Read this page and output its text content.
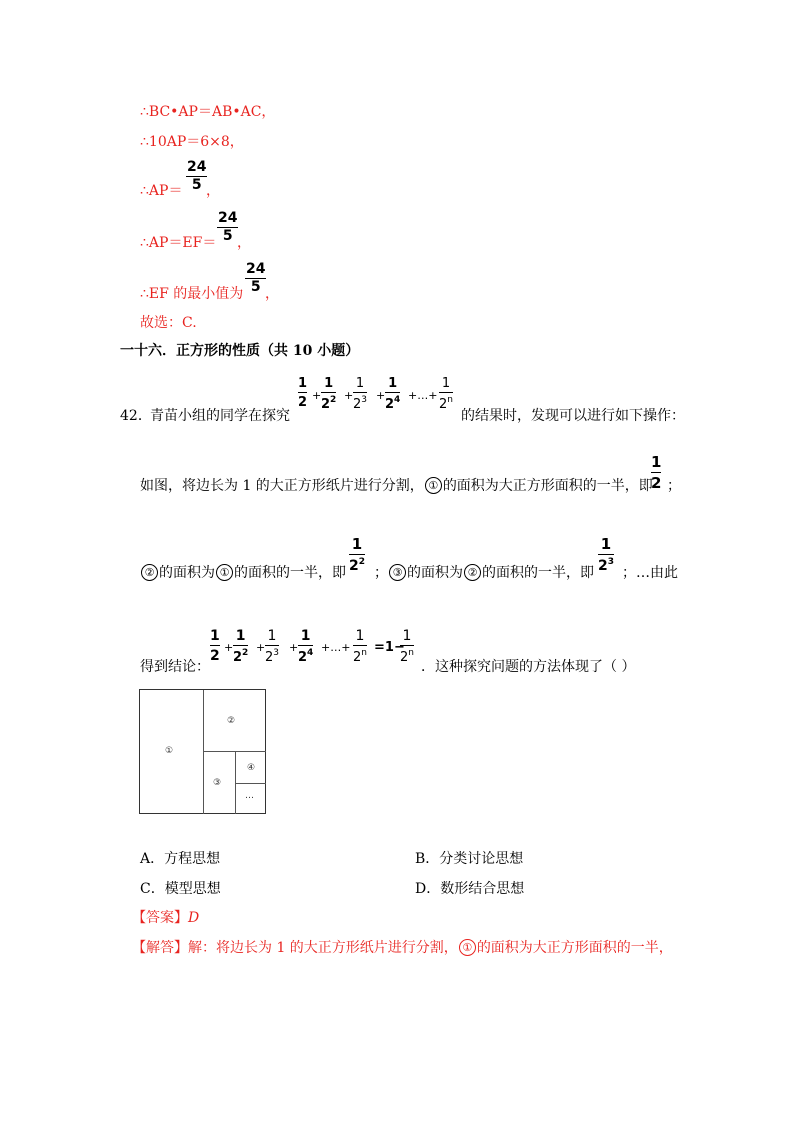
∴BC•AP＝AB•AC，
∴10AP＝6×8，
∴AP＝ $\frac{24}{5}$
，
∴AP＝EF＝ $\frac{24}{5}$
，
∴EF 的最小值为 $\frac{24}{5}$
，
故选：C.
一十六．正方形的性质（共 10 小题）
42．
青苗小组的同学在探究
$\frac{1}{2} + \frac{1}{2^2} + \frac{1}{2^3} + \frac{1}{2^4}$ +…+ $\frac{1}{2^n}$
的结果时，发现可以进行如下操作：
如图，将边长为 1 的大正方形纸片进行分割， ① 的面积为大正方形面积的一半，即
$\frac{1}{2}$ ；
② 的面积为 ① 的面积的一半，即 $\frac{1}{2^2}$ ； ③ 的面积为 ② 的面积的一半，即 $\frac{1}{2^3}$ ；…由此
得到结论：
$\frac{1}{2} + \frac{1}{2^2} + \frac{1}{2^3} + \frac{1}{2^4}$ +…+ $\frac{1}{2^n} =1-$
$\frac{1}{2^n}$
．这种探究问题的方法体现了（ ）
①
②
③
④
…
A．方程思想	B．分类讨论思想
C．模型思想	D．数形结合思想
【答案】D
【解答】解：将边长为 1 的大正方形纸片进行分割， ① 的面积为大正方形面积的一半，
